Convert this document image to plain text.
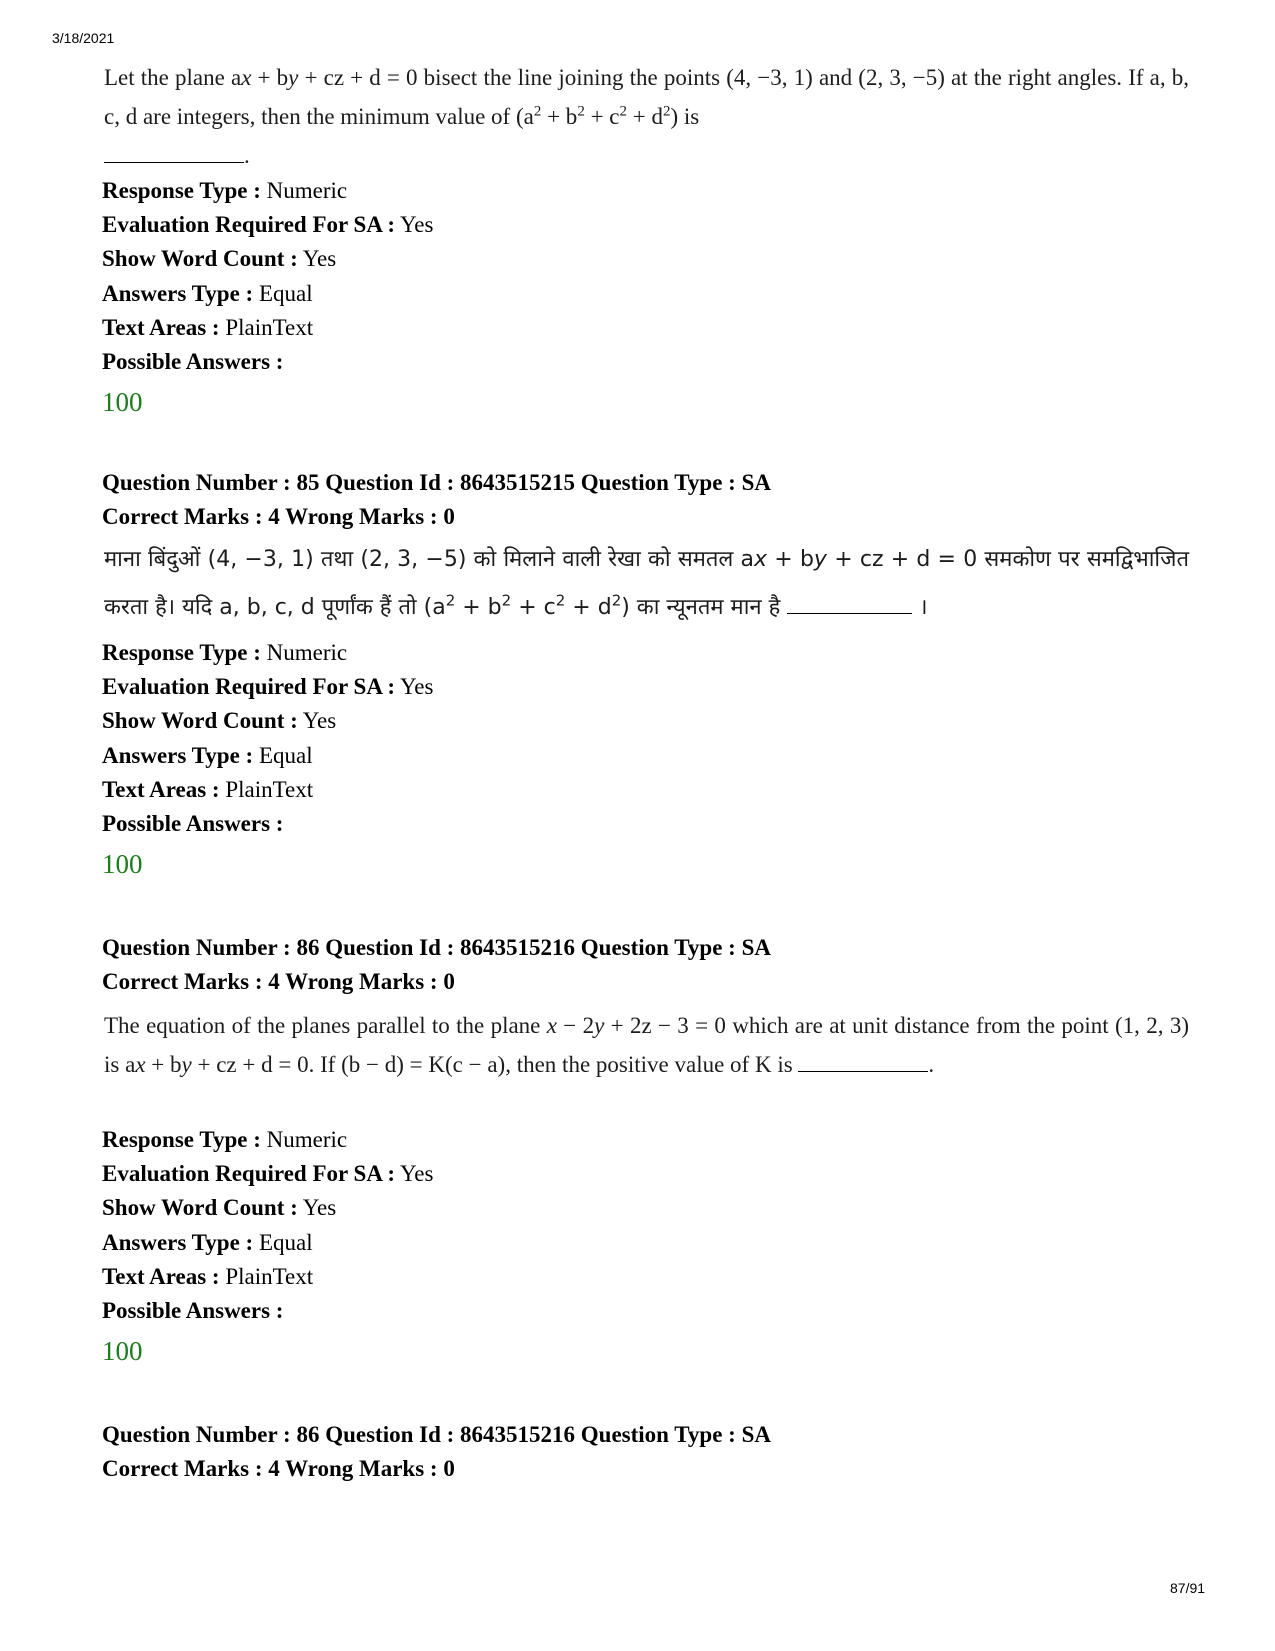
3/18/2021
Let the plane ax + by + cz + d = 0 bisect the line joining the points (4, −3, 1) and (2, 3, −5) at the right angles. If a, b, c, d are integers, then the minimum value of $(a^2 + b^2 + c^2 + d^2)$ is
.
Response Type : Numeric
Evaluation Required For SA : Yes
Show Word Count : Yes
Answers Type : Equal
Text Areas : PlainText
Possible Answers :
100
Question Number : 85 Question Id : 8643515215 Question Type : SA
Correct Marks : 4 Wrong Marks : 0
माना बिंदुओं (4, −3, 1) तथा (2, 3, −5) को मिलाने वाली रेखा को समतल ax + by + cz + d = 0 समकोण पर समद्विभाजित करता है। यदि a, b, c, d पूर्णांक हैं तो $(a^2 + b^2 + c^2 + d^2)$ का न्यूनतम मान है	।
Response Type : Numeric
Evaluation Required For SA : Yes
Show Word Count : Yes
Answers Type : Equal
Text Areas : PlainText
Possible Answers :
100
Question Number : 86 Question Id : 8643515216 Question Type : SA
Correct Marks : 4 Wrong Marks : 0
The equation of the planes parallel to the plane x − 2y + 2z − 3 = 0 which are at unit distance from the point (1, 2, 3) is ax + by + cz + d = 0. If (b − d) = K(c − a), then the positive value of K is	.
Response Type : Numeric
Evaluation Required For SA : Yes
Show Word Count : Yes
Answers Type : Equal
Text Areas : PlainText
Possible Answers :
100
Question Number : 86 Question Id : 8643515216 Question Type : SA
Correct Marks : 4 Wrong Marks : 0
87/91
